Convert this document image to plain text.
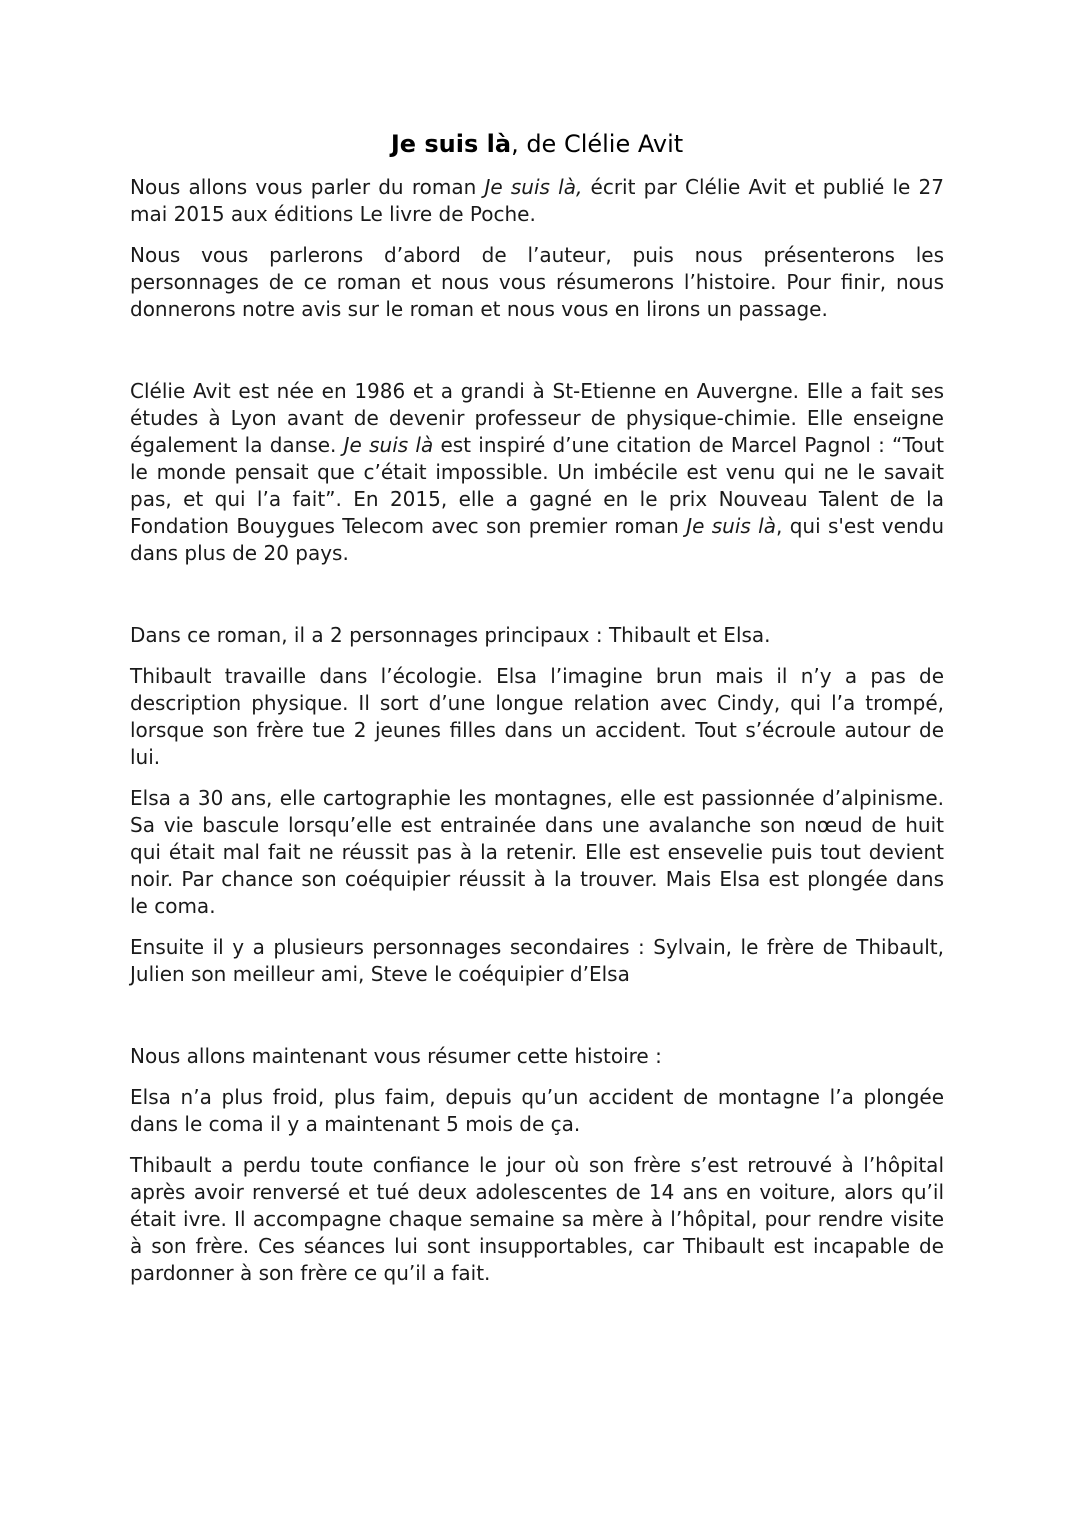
Je suis là, de Clélie Avit

Nous allons vous parler du roman Je suis là, écrit par Clélie Avit et publié le 27 mai 2015 aux éditions Le livre de Poche.

Nous vous parlerons d’abord de l’auteur, puis nous présenterons les personnages de ce roman et nous vous résumerons l’histoire. Pour finir, nous donnerons notre avis sur le roman et nous vous en lirons un passage.

Clélie Avit est née en 1986 et a grandi à St-Etienne en Auvergne. Elle a fait ses études à Lyon avant de devenir professeur de physique-chimie. Elle enseigne également la danse. Je suis là est inspiré d’une citation de Marcel Pagnol : “Tout le monde pensait que c’était impossible. Un imbécile est venu qui ne le savait pas, et qui l’a fait”. En 2015, elle a gagné en le prix Nouveau Talent de la Fondation Bouygues Telecom avec son premier roman Je suis là, qui s'est vendu dans plus de 20 pays.

Dans ce roman, il a 2 personnages principaux : Thibault et Elsa.

Thibault travaille dans l’écologie. Elsa l’imagine brun mais il n’y a pas de description physique. Il sort d’une longue relation avec Cindy, qui l’a trompé, lorsque son frère tue 2 jeunes filles dans un accident. Tout s’écroule autour de lui.

Elsa a 30 ans, elle cartographie les montagnes, elle est passionnée d’alpinisme. Sa vie bascule lorsqu’elle est entrainée dans une avalanche son nœud de huit qui était mal fait ne réussit pas à la retenir. Elle est ensevelie puis tout devient noir. Par chance son coéquipier réussit à la trouver. Mais Elsa est plongée dans le coma.

Ensuite il y a plusieurs personnages secondaires : Sylvain, le frère de Thibault, Julien son meilleur ami, Steve le coéquipier d’Elsa

Nous allons maintenant vous résumer cette histoire :

Elsa n’a plus froid, plus faim, depuis qu’un accident de montagne l’a plongée dans le coma il y a maintenant 5 mois de ça.

Thibault a perdu toute confiance le jour où son frère s’est retrouvé à l’hôpital après avoir renversé et tué deux adolescentes de 14 ans en voiture, alors qu’il était ivre. Il accompagne chaque semaine sa mère à l’hôpital, pour rendre visite à son frère. Ces séances lui sont insupportables, car Thibault est incapable de pardonner à son frère ce qu’il a fait.
